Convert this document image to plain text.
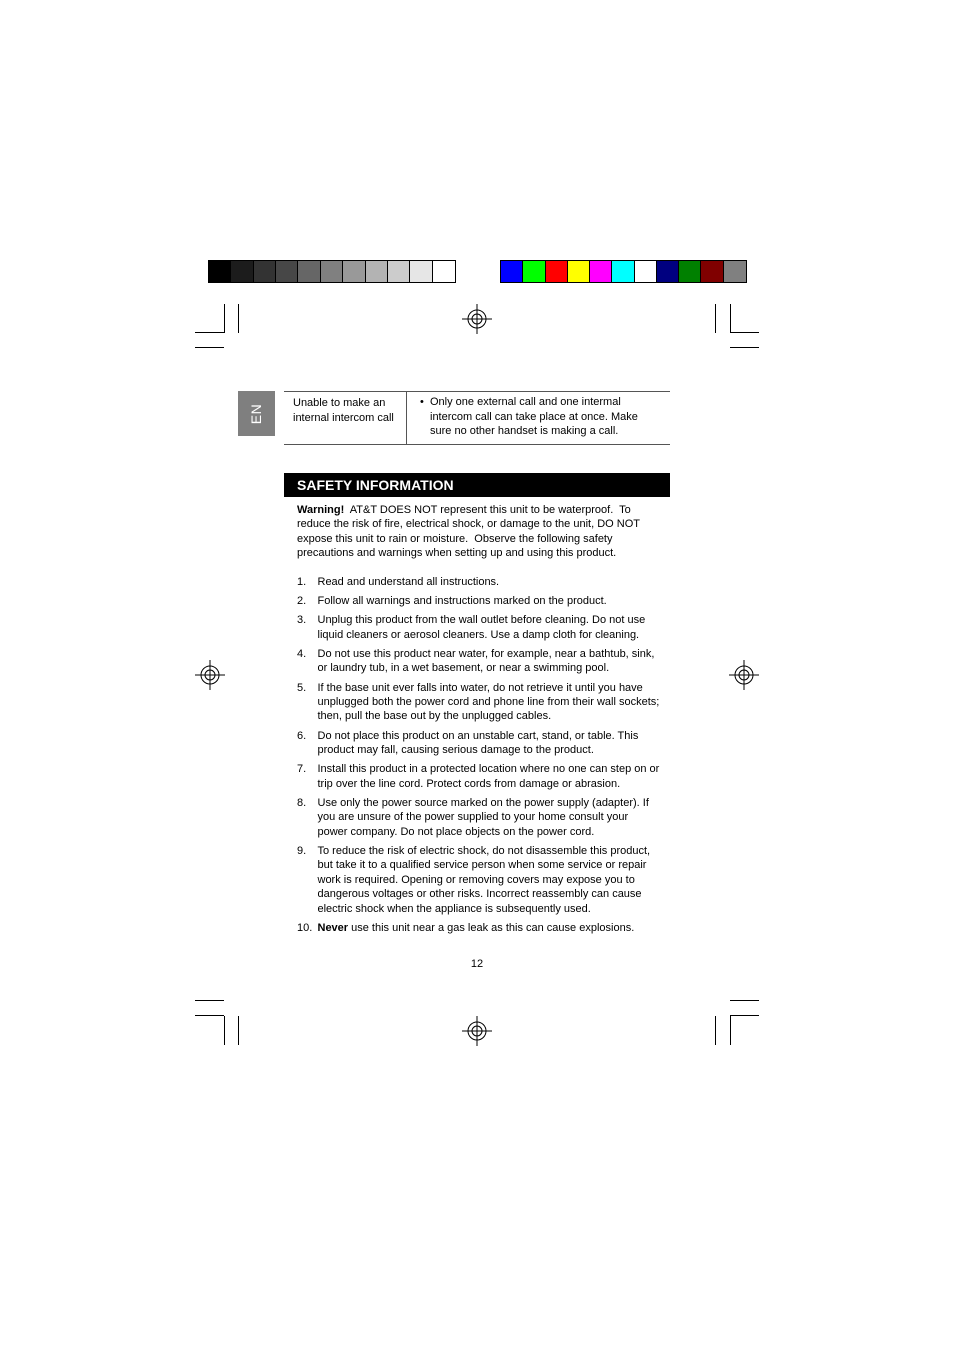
EN
Unable to make an internal intercom call
• Only one external call and one intermal intercom call can take place at once. Make sure no other handset is making a call.
SAFETY INFORMATION
Warning!  AT&T DOES NOT represent this unit to be waterproof.  To reduce the risk of fire, electrical shock, or damage to the unit, DO NOT expose this unit to rain or moisture.  Observe the following safety precautions and warnings when setting up and using this product.
1. Read and understand all instructions.
2. Follow all warnings and instructions marked on the product.
3. Unplug this product from the wall outlet before cleaning. Do not use liquid cleaners or aerosol cleaners. Use a damp cloth for cleaning.
4. Do not use this product near water, for example, near a bathtub, sink, or laundry tub, in a wet basement, or near a swimming pool.
5. If the base unit ever falls into water, do not retrieve it until you have unplugged both the power cord and phone line from their wall sockets; then, pull the base out by the unplugged cables.
6. Do not place this product on an unstable cart, stand, or table. This product may fall, causing serious damage to the product.
7. Install this product in a protected location where no one can step on or trip over the line cord. Protect cords from damage or abrasion.
8. Use only the power source marked on the power supply (adapter). If you are unsure of the power supplied to your home consult your power company. Do not place objects on the power cord.
9. To reduce the risk of electric shock, do not disassemble this product, but take it to a qualified service person when some service or repair work is required. Opening or removing covers may expose you to dangerous voltages or other risks. Incorrect reassembly can cause electric shock when the appliance is subsequently used.
10. Never use this unit near a gas leak as this can cause explosions.
12
